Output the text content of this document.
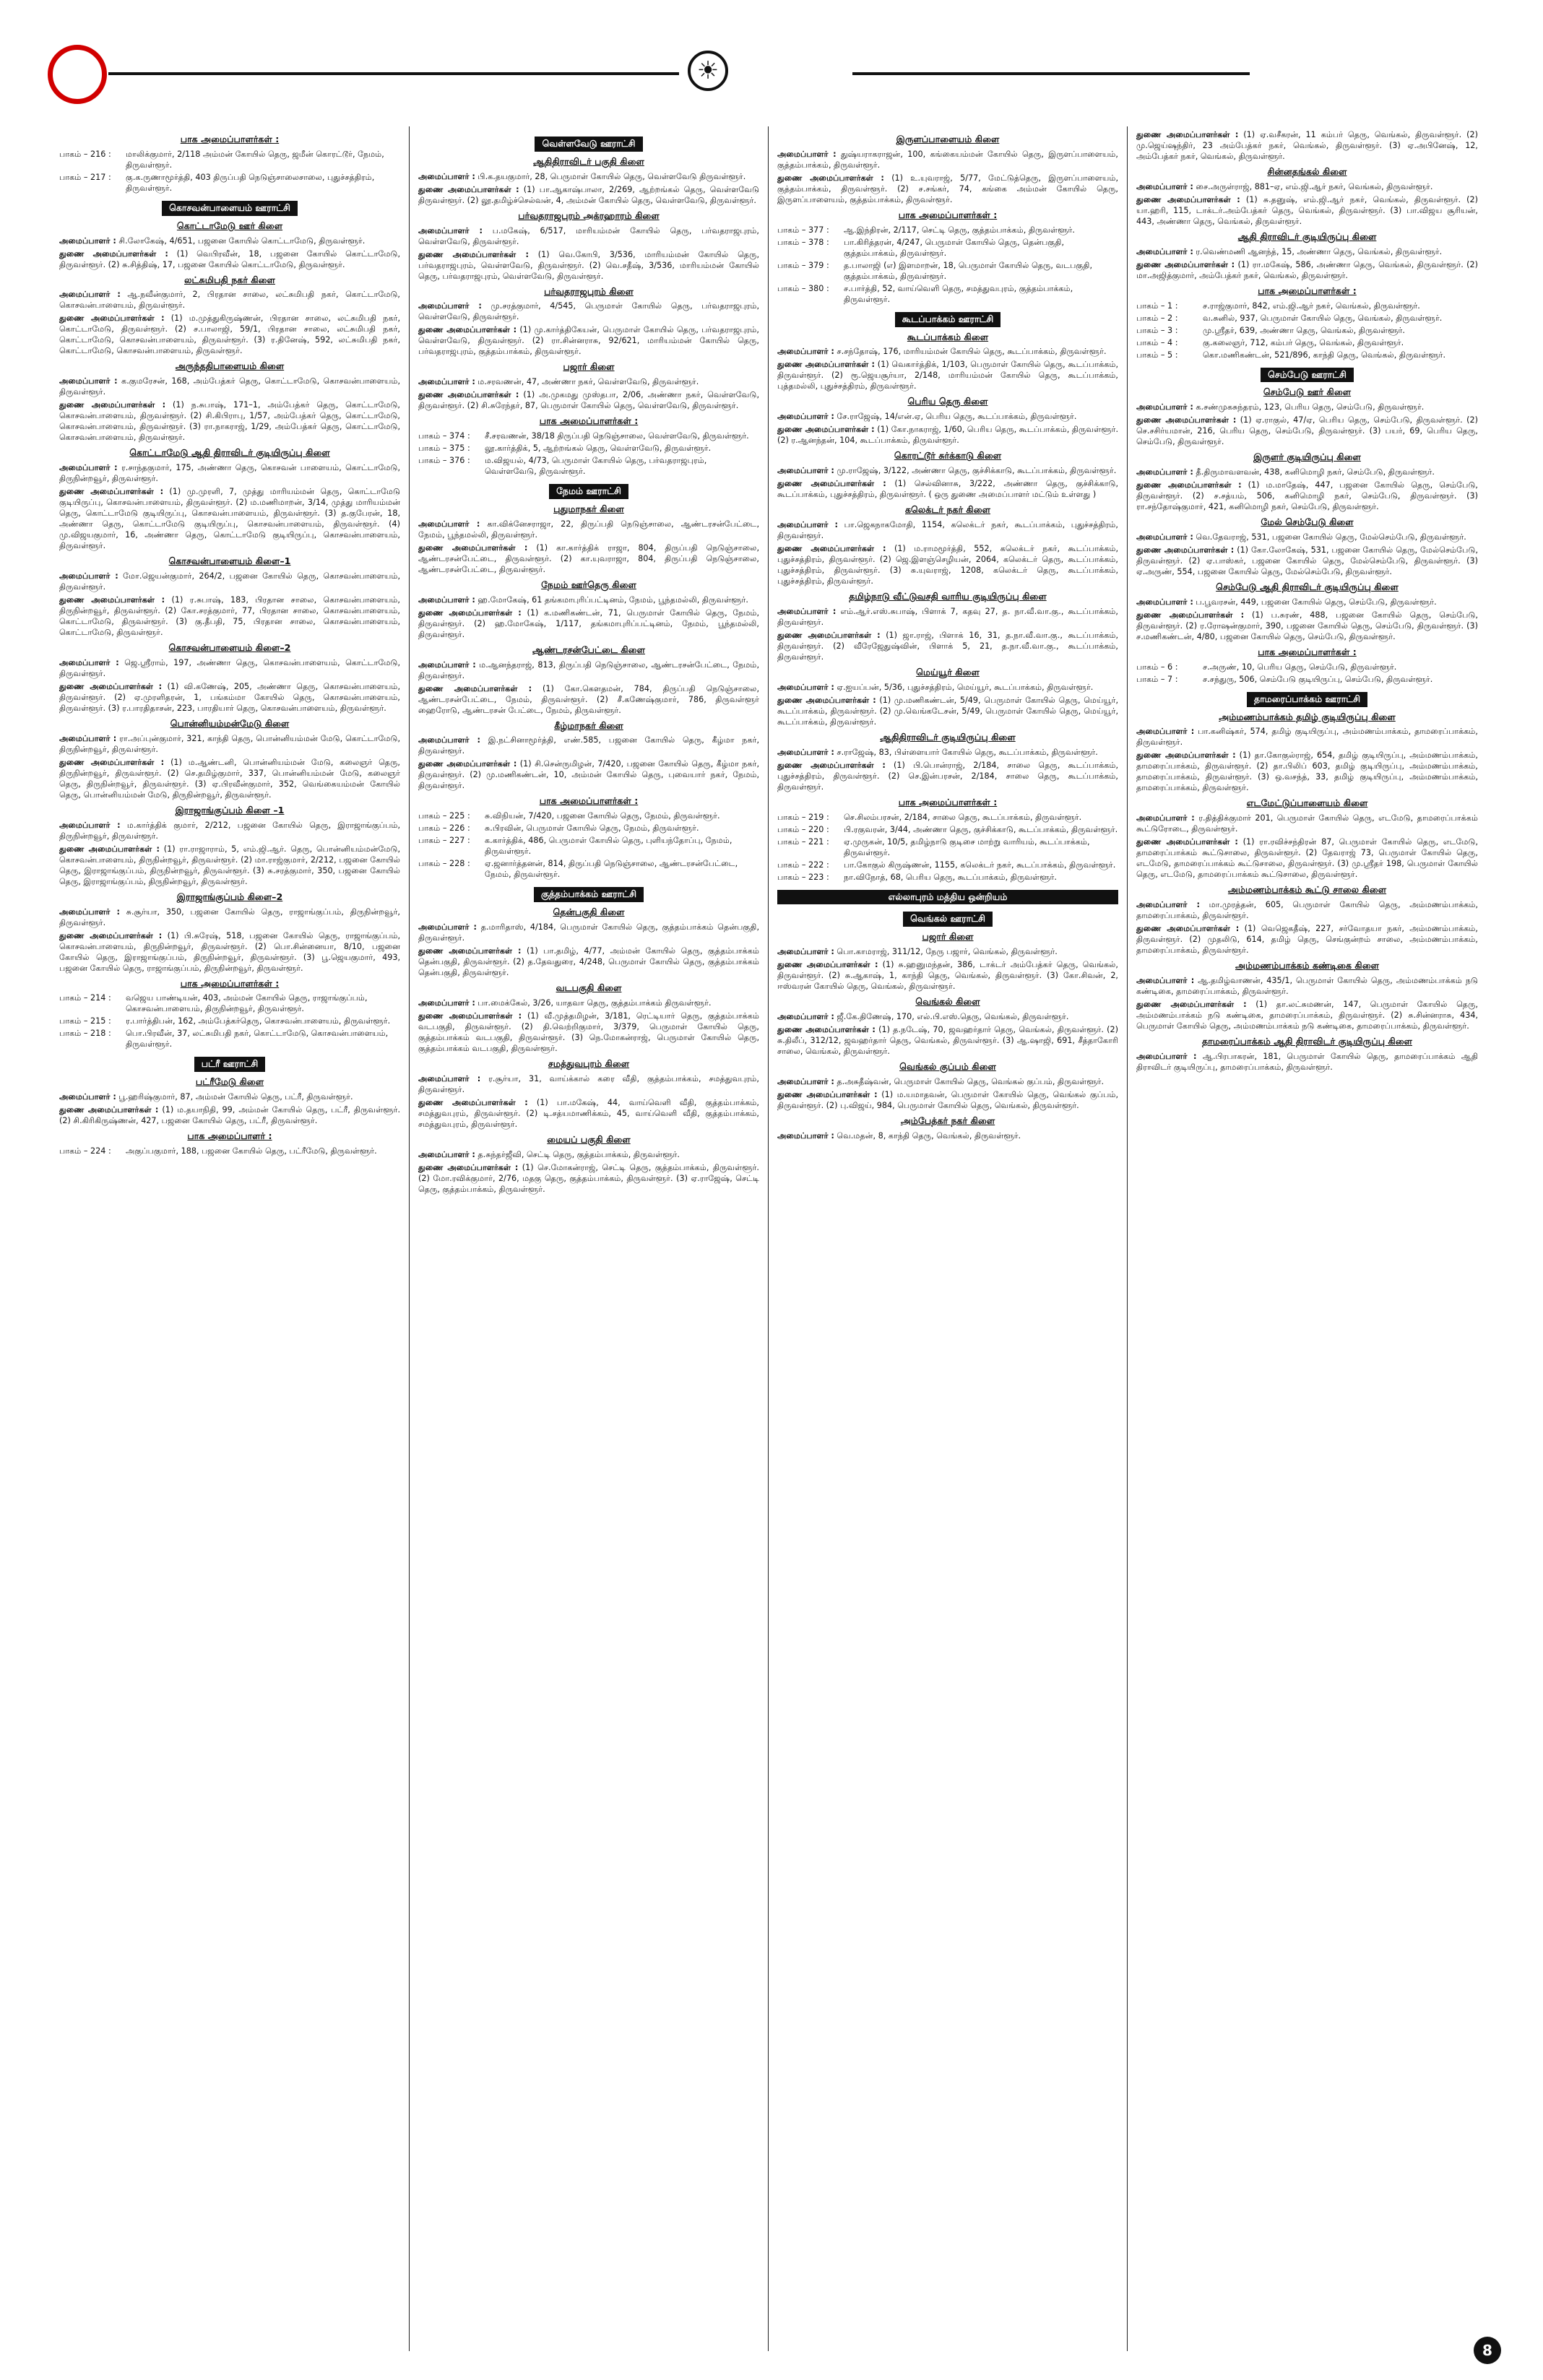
☀
பாக அமைப்பாளர்கள் :
பாகம் – 216 :	மாலிக்குமார், 2/118 அம்மன் கோயில் தெரு, ஜமீன் கொரட்டூர், நேமம், திருவள்ளூர்.
பாகம் – 217 :	கு.க.ருணாமூர்த்தி, 403 திருப்பதி நெடுஞ்சாலைசாலை, புதுச்சத்திரம், திருவள்ளூர்.
கொசவன்பாளையம் ஊராட்சி
கொட்டாமேடு ஊர் கிளை
அமைப்பாளர் : சி.லோகேஷ், 4/651, பஜனை கோயில் கொட்டாமேடு, திருவள்ளூர்.
துணை அமைப்பாளர்கள் : (1) வெபிரவீன், 18, பஜனை கோயில் கொட்டாமேடு, திருவள்ளூர். (2) சு.சித்திஷ், 17, பஜனை கோயில் கொட்டாமேடு, திருவள்ளூர்.
லட்சுமிபதி நகர் கிளை
அமைப்பாளர் : ஆ.நவீன்குமார், 2, பிரதான சாலை, லட்சுமிபதி நகர், கொட்டாமேடு, கொசவன்பாளையம், திருவள்ளூர்.
துணை அமைப்பாளர்கள் : (1) ம.முத்துகிருஷ்ணன், பிரதான சாலை, லட்சுமிபதி நகர், கொட்டாமேடு, திருவள்ளூர். (2) ச.பாலாஜி, 59/1, பிரதான சாலை, லட்சுமிபதி நகர், கொட்டாமேடு, கொசவன்பாளையம், திருவள்ளூர். (3) ர.தினேஷ், 592, லட்சுமிபதி நகர், கொட்டாமேடு, கொசவன்பாளையம், திருவள்ளூர்.
அருந்ததிபாளையம் கிளை
அமைப்பாளர் : க.குமரேசன், 168, அம்பேத்கர் தெரு, கொட்டாமேடு, கொசவன்பாளையம், திருவள்ளூர்.
துணை அமைப்பாளர்கள் : (1) ந.சுபாஷ், 171–1, அம்பேத்கர் தெரு, கொட்டாமேடு, கொசவன்பாளையம், திருவள்ளூர். (2) சி.கிபிராபு, 1/57, அம்பேத்கர் தெரு, கொட்டாமேடு, கொசவன்பாளையம், திருவள்ளூர். (3) ரா.நாகராஜ், 1/29, அம்பேத்கர் தெரு, கொட்டாமேடு, கொசவன்பாளையம், திருவள்ளூர்.
கொட்டாமேடு ஆதி திராவிடர் குடியிருப்பு கிளை
அமைப்பாளர் : ர.சாந்தகுமார், 175, அண்ணா தெரு, கொசவன் பாளையம், கொட்டாமேடு, திருநின்றவூர், திருவள்ளூர்.
துணை அமைப்பாளர்கள் : (1) மு.முரளி, 7, முத்து மாரியம்மன் தெரு, கொட்டாமேடு குடியிருப்பு, கொசவன்பாளையம், திருவள்ளூர். (2) ம.மணிமாறன், 3/14, முத்து மாரியம்மன் தெரு, கொட்டாமேடு குடியிருப்பு, கொசவன்பாளையம், திருவள்ளூர். (3) த.குபேரன், 18, அண்ணா தெரு, கொட்டாமேடு குடியிருப்பு, கொசவன்பாளையம், திருவள்ளூர். (4) மு.விஜயகுமார், 16, அண்ணா தெரு, கொட்டாமேடு குடியிருப்பு, கொசவன்பாளையம், திருவள்ளூர்.
கொசவன்பாளையம் கிளை–1
அமைப்பாளர் : மோ.ஜெயன்குமார், 264/2, பஜனை கோயில் தெரு, கொசவன்பாளையம், திருவள்ளூர்.
துணை அமைப்பாளர்கள் : (1) ர.சுபாஷ், 183, பிரதான சாலை, கொசவன்பாளையம், திருநின்றவூர், திருவள்ளூர். (2) கோ.சரத்குமார், 77, பிரதான சாலை, கொசவன்பாளையம், கொட்டாமேடு, திருவள்ளூர். (3) கு.தீபதி, 75, பிரதான சாலை, கொசவன்பாளையம், கொட்டாமேடு, திருவள்ளூர்.
கொசவன்பாளையம் கிளை–2
அமைப்பாளர் : ஜெ.ஸ்ரீராம், 197, அண்ணா தெரு, கொசவன்பாளையம், கொட்டாமேடு, திருவள்ளூர்.
துணை அமைப்பாளர்கள் : (1) வி.கணேஷ், 205, அண்ணா தெரு, கொசவன்பாளையம், திருவள்ளூர். (2) ஏ.முரளிதரன், 1, பங்கம்மா கோயில் தெரு, கொசவன்பாளையம், திருவள்ளூர். (3) ர.பாரதிதாசன், 223, பாரதியார் தெரு, கொசவன்பாளையம், திருவள்ளூர்.
பொன்னியம்மன்மேடு கிளை
அமைப்பாளர் : ரா.அப்புன்குமார், 321, காந்தி தெரு, பொன்னியம்மன் மேடு, கொட்டாமேடு, திருநின்றவூர், திருவள்ளூர்.
துணை அமைப்பாளர்கள் : (1) ம.ஆண்டனி, பொன்னியம்மன் மேடு, கலைஞர் தெரு, திருநின்றவூர், திருவள்ளூர். (2) செ.தமிழ்குமார், 337, பொன்னியம்மன் மேடு, கலைஞர் தெரு, திருநின்றவூர், திருவள்ளூர். (3) ஏ.பிரவீன்குமார், 352, வெங்கையம்மன் கோயில் தெரு, பொன்னியம்மன் மேடு, திருநின்றவூர், திருவள்ளூர்.
இராஜாங்குப்பம் கிளை –1
அமைப்பாளர் : ம.கார்த்திக் குமார், 2/212, பஜனை கோயில் தெரு, இராஜாங்குப்பம், திருநின்றவூர், திருவள்ளூர்.
துணை அமைப்பாளர்கள் : (1) ரா.ராஜாராம், 5, எம்.ஜி.ஆர். தெரு, பொன்னியம்மன்மேடு, கொசவன்பாளையம், திருநின்றவூர், திருவள்ளூர். (2) மா.ராஜ்குமார், 2/212, பஜனை கோயில் தெரு, இராஜாங்குப்பம், திருநின்றவூர், திருவள்ளூர். (3) சு.சரத்குமார், 350, பஜனை கோயில் தெரு, இராஜாங்குப்பம், திருநின்றவூர், திருவள்ளூர்.
இராஜாங்குப்பம் கிளை–2
அமைப்பாளர் : சு.சூர்யா, 350, பஜனை கோயில் தெரு, ராஜாங்குப்பம், திருநின்றவூர், திருவள்ளூர்.
துணை அமைப்பாளர்கள் : (1) பி.சுரேஷ், 518, பஜனை கோயில் தெரு, ராஜாங்குப்பம், கொசவன்பாளையம், திருநின்றவூர், திருவள்ளூர். (2) பொ.சின்னையா, 8/10, பஜனை கோயில் தெரு, இராஜாங்குப்பம், திருநின்றவூர், திருவள்ளூர். (3) பூ.ஜெயகுமார், 493, பஜனை கோயில் தெரு, ராஜாங்குப்பம், திருநின்றவூர், திருவள்ளூர்.
பாக அமைப்பாளர்கள் :
பாகம் – 214 :	வஜெய பாண்டியன், 403, அம்மன் கோயில் தெரு, ராஜாங்குப்பம், கொசவன்பாளையம், திருநின்றவூர், திருவள்ளூர்.
பாகம் – 215 :	ர.பார்த்திபன், 162, அம்பேத்கர்தெரு, கொசவன்பாளையம், திருவள்ளூர்.
பாகம் – 218 :	பொ.பிரவீன், 37, லட்சுமிபதி நகர், கொட்டாமேடு, கொசவன்பாளையம், திருவள்ளூர்.
பட்ரீ ஊராட்சி
பட்ரீமேடு கிளை
அமைப்பாளர் : பூ.ஹரிஷ்குமார், 87, அம்மன் கோயில் தெரு, பட்ரீ, திருவள்ளூர்.
துணை அமைப்பாளர்கள் : (1) ம.தயாநிதி, 99, அம்மன் கோயில் தெரு, பட்ரீ, திருவள்ளூர். (2) சி.கிரிகிருஷ்ணன், 427, பஜனை கோயில் தெரு, பட்ரீ, திருவள்ளூர்.
பாக அமைப்பாளர் :
பாகம் – 224 :	அகுப்பகுமார், 188, பஜனை கோயில் தெரு, பட்ரீமேடு, திருவள்ளூர்.
வெள்ளவேடு ஊராட்சி
ஆதிதிராவிடர் பகுதி கிளை
அமைப்பாளர் : பி.க.தயகுமார், 28, பெருமாள் கோயில் தெரு, வெள்ளவேடு திருவள்ளூர்.
துணை அமைப்பாளர்கள் : (1) பா.ஆகாஷ்பாலா, 2/269, ஆற்றங்கல் தெரு, வெள்ளவேடு திருவள்ளூர். (2) லூ.தமிழ்ச்செல்வன், 4, அம்மன் கோயில் தெரு, வெள்ளவேடு, திருவள்ளூர்.
பர்வதராஜபுரம் அக்ரஹாரம் கிளை
அமைப்பாளர் : ப.மகேஷ், 6/517, மாரியம்மன் கோயில் தெரு, பர்வதராஜபுரம், வெள்ளவேடு, திருவள்ளூர்.
துணை அமைப்பாளர்கள் : (1) வெ.கோபி, 3/536, மாரியம்மன் கோயில் தெரு, பர்வதராஜபுரம், வெள்ளவேடு, திருவள்ளூர். (2) வெ.சதீஷ், 3/536, மாரியம்மன் கோயில் தெரு, பர்வதராஜபுரம், வெள்ளவேடு, திருவள்ளூர்.
பர்வதராஜபுரம் கிளை
அமைப்பாளர் : மு.சரத்குமார், 4/545, பெருமாள் கோயில் தெரு, பர்வதராஜபுரம், வெள்ளவேடு, திருவள்ளூர்.
துணை அமைப்பாளர்கள் : (1) மு.கார்த்திகேயன், பெருமாள் கோயில் தெரு, பர்வதராஜபுரம், வெள்ளவேடு, திருவள்ளூர். (2) ரா.சின்னராசு, 92/621, மாரியம்மன் கோயில் தெரு, பர்வதராஜபுரம், குத்தம்பாக்கம், திருவள்ளூர்.
பஜார் கிளை
அமைப்பாளர் : ம.சரவணன், 47, அண்ணா நகர், வெள்ளவேடு, திருவள்ளூர்.
துணை அமைப்பாளர்கள் : (1) அ.முகமது முஸ்தபா, 2/06, அண்ணா நகர், வெள்ளவேடு, திருவள்ளூர். (2) சி.சுரேந்தர், 87, பெருமாள் கோயில் தெரு, வெள்ளவேடு, திருவள்ளூர்.
பாக அமைப்பாளர்கள் :
பாகம் – 374 :	சீ.சரவணன், 38/18 திருப்பதி நெடுஞ்சாலை, வெள்ளவேடு, திருவள்ளூர்.
பாகம் – 375 :	லூ.கார்த்திக், 5, ஆற்றங்கல் தெரு, வெள்ளவேடு, திருவள்ளூர்.
பாகம் – 376 :	ம.விஜயல், 4/73, பெருமாள் கோயில் தெரு, பர்வதராஜபுரம், வெள்ளவேடு, திருவள்ளூர்.
நேமம் ஊராட்சி
புதுமாநகர் கிளை
அமைப்பாளர் : கா.விக்னேசராஜா, 22, திருப்பதி நெடுஞ்சாலை, ஆண்டரசன்பேட்டை, நேமம், பூந்தமல்லி, திருவள்ளூர்.
துணை அமைப்பாளர்கள் : (1) கா.கார்த்திக் ராஜா, 804, திருப்பதி நெடுஞ்சாலை, ஆண்டரசன்பேட்டை, திருவள்ளூர். (2) கா.யுவராஜா, 804, திருப்பதி நெடுஞ்சாலை, ஆண்டரசன்பேட்டை, திருவள்ளூர்.
நேமம் ஊர்தெரு கிளை
அமைப்பாளர் : ஹ.மோகேஷ், 61 தங்கமாபுரிப்பட்டினம், நேமம், பூந்தமல்லி, திருவள்ளூர்.
துணை அமைப்பாளர்கள் : (1) க.மணிகண்டன், 71, பெருமாள் கோயில் தெரு, நேமம், திருவள்ளூர். (2) ஹ.மோகேஷ், 1/117, தங்கமாபுரிப்பட்டினம், நேமம், பூந்தமல்லி, திருவள்ளூர்.
ஆண்டரசன்பேட்டை கிளை
அமைப்பாளர் : ம.ஆனந்தராஜ், 813, திருப்பதி நெடுஞ்சாலை, ஆண்டரசன்பேட்டை, நேமம், திருவள்ளூர்.
துணை அமைப்பாளர்கள் : (1) கோ.கௌதமன், 784, திருப்பதி நெடுஞ்சாலை, ஆண்டரசன்பேட்டை, நேமம், திருவள்ளூர். (2) சீ.கணேஷ்குமார், 786, திருவள்ளூர் ஹைரோடு, ஆண்டரசன் பேட்டை, நேமம், திருவள்ளூர்.
கீழ்மாநகர் கிளை
அமைப்பாளர் : இ.நட்சினாமூர்த்தி, எண்.585, பஜனை கோயில் தெரு, கீழ்மா நகர், திருவள்ளூர்.
துணை அமைப்பாளர்கள் : (1) சி.சென்ருமிழன், 7/420, பஜனை கோயில் தெரு, கீழ்மா நகர், திருவள்ளூர். (2) மு.மணிகண்டன், 10, அம்மன் கோயில் தெரு, புவையார் நகர், நேமம், திருவள்ளூர்.
பாக அமைப்பாளர்கள் :
பாகம் – 225 :	சு.விநியன், 7/420, பஜனை கோயில் தெரு, நேமம், திருவள்ளூர்.
பாகம் – 226 :	சு.பிரவின், பெருமாள் கோயில் தெரு, நேமம், திருவள்ளூர்.
பாகம் – 227 :	க.கார்த்திக், 486, பெருமாள் கோயில் தெரு, புளியந்தோப்பு, நேமம், திருவள்ளூர்.
பாகம் – 228 :	ஏ.ஜனார்த்தனன், 814, திருப்பதி நெடுஞ்சாலை, ஆண்டரசன்பேட்டை, நேமம், திருவள்ளூர்.
குத்தம்பாக்கம் ஊராட்சி
தென்பகுதி கிளை
அமைப்பாளர் : த.மாரிதாஸ், 4/184, பெருமாள் கோயில் தெரு, குத்தம்பாக்கம் தென்பகுதி, திருவள்ளூர்.
துணை அமைப்பாளர்கள் : (1) பா.தமிழ், 4/77, அம்மன் கோயில் தெரு, குத்தம்பாக்கம் தென்பகுதி, திருவள்ளூர். (2) த.தேவதுரை, 4/248, பெருமாள் கோயில் தெரு, குத்தம்பாக்கம் தென்பகுதி, திருவள்ளூர்.
வடபகுதி கிளை
அமைப்பாளர் : பா.மைக்கேல், 3/26, யாதவா தெரு, குத்தம்பாக்கம் திருவள்ளூர்.
துணை அமைப்பாளர்கள் : (1) வீ.முத்தமிழன், 3/181, ரெட்டியார் தெரு, குத்தம்பாக்கம் வடபகுதி, திருவள்ளூர். (2) தி.வெற்றிகுமார், 3/379, பெருமாள் கோயில் தெரு, குத்தம்பாக்கம் வடபகுதி, திருவள்ளூர். (3) நெ.மோகன்ராஜ், பெருமாள் கோயில் தெரு, குத்தம்பாக்கம் வடபகுதி, திருவள்ளூர்.
சமத்துவபுரம் கிளை
அமைப்பாளர் : ர.சூர்யா, 31, வாய்க்கால் கரை வீதி, குத்தம்பாக்கம், சமத்துவபுரம், திருவள்ளூர்.
துணை அமைப்பாளர்கள் : (1) பா.மகேஷ், 44, வாய்வெளி வீதி, குத்தம்பாக்கம், சமத்துவபுரம், திருவள்ளூர். (2) டி.சத்யமாணிக்கம், 45, வாய்வெளி வீதி, குத்தம்பாக்கம், சமத்துவபுரம், திருவள்ளூர்.
மையப் பகுதி கிளை
அமைப்பாளர் : த.சுந்தர்ஜீவி, செட்டி தெரு, குத்தம்பாக்கம், திருவள்ளூர்.
துணை அமைப்பாளர்கள் : (1) செ.மோகன்ராஜ், செட்டி தெரு, குத்தம்பாக்கம், திருவள்ளூர். (2) மோ.ரவிக்குமார், 2/76, மதகு தெரு, குத்தம்பாக்கம், திருவள்ளூர். (3) ஏ.ராஜேஷ், செட்டி தெரு, குத்தம்பாக்கம், திருவள்ளூர்.
இருளப்பாளையம் கிளை
அமைப்பாளர் : துஷ்யராகராஜன், 100, கங்கையம்மன் கோயில் தெரு, இருளப்பாளையம், குத்தம்பாக்கம், திருவள்ளூர்.
துணை அமைப்பாளர்கள் : (1) உ.யுவராஜ், 5/77, மேட்டுத்தெரு, இருளப்பாளையம், குத்தம்பாக்கம், திருவள்ளூர். (2) ச.சங்கர், 74, கங்கை அம்மன் கோயில் தெரு, இருளப்பாளையம், குத்தம்பாக்கம், திருவள்ளூர்.
பாக அமைப்பாளர்கள் :
பாகம் – 377 :	ஆ.இந்திரன், 2/117, செட்டி தெரு, குத்தம்பாக்கம், திருவள்ளூர்.
பாகம் – 378 :	பா.கிரித்தரன், 4/247, பெருமாள் கோயில் தெரு, தென்பகுதி, குத்தம்பாக்கம், திருவள்ளூர்.
பாகம் – 379 :	த.பாலாஜி (எ) இளமாறன், 18, பெருமாள் கோயில் தெரு, வடபகுதி, குத்தம்பாக்கம், திருவள்ளூர்.
பாகம் – 380 :	ச.பார்த்தி, 52, வாய்வெளி தெரு, சமத்துவபுரம், குத்தம்பாக்கம், திருவள்ளூர்.
கூடப்பாக்கம் ஊராட்சி
கூடப்பாக்கம் கிளை
அமைப்பாளர் : ச.சந்தோஷ், 176, மாரியம்மன் கோயில் தெரு, கூடப்பாக்கம், திருவள்ளூர்.
துணை அமைப்பாளர்கள் : (1) வெகார்த்திக், 1/103, பெருமாள் கோயில் தெரு, கூடப்பாக்கம், திருவள்ளூர். (2) ரூ.ஜெயசூர்யா, 2/148, மாரியம்மன் கோயில் தெரு, கூடப்பாக்கம், புத்தமல்லி, புதுச்சத்திரம், திருவள்ளூர்.
பெரிய தெரு கிளை
அமைப்பாளர் : சே.ராஜேஷ், 14/என்.ஏ, பெரிய தெரு, கூடப்பாக்கம், திருவள்ளூர்.
துணை அமைப்பாளர்கள் : (1) கோ.நாகராஜ், 1/60, பெரிய தெரு, கூடப்பாக்கம், திருவள்ளூர். (2) ர.ஆனந்தன், 104, கூடப்பாக்கம், திருவள்ளூர்.
கொரட்டூர் சுர்க்காடு கிளை
அமைப்பாளர் : மு.ராஜேஷ், 3/122, அண்ணா தெரு, குச்சிக்காடு, கூடப்பாக்கம், திருவள்ளூர்.
துணை அமைப்பாளர்கள் : (1) செல்வினாசு, 3/222, அண்ணா தெரு, குச்சிக்காடு, கூடப்பாக்கம், புதுச்சத்திரம், திருவள்ளூர். ( ஒரு துணை அமைப்பாளர் மட்டும் உள்ளது )
கலெக்டர் நகர் கிளை
அமைப்பாளர் : பா.ஜெகநாகமோதி, 1154, கலெக்டர் நகர், கூடப்பாக்கம், புதுச்சத்திரம், திருவள்ளூர்.
துணை அமைப்பாளர்கள் : (1) ம.ராமமூர்த்தி, 552, கலெக்டர் நகர், கூடப்பாக்கம், புதுச்சத்திரம், திருவள்ளூர். (2) ஜெ.இளஞ்செழியன், 2064, கலெக்டர் தெரு, கூடப்பாக்கம், புதுச்சத்திரம், திருவள்ளூர். (3) சு.யுவராஜ், 1208, கலெக்டர் தெரு, கூடப்பாக்கம், புதுச்சத்திரம், திருவள்ளூர்.
தமிழ்நாடு வீட்டுவசதி வாரிய குடியிருப்பு கிளை
அமைப்பாளர் : எம்.ஆர்.எஸ்.சுபாஷ், பிளாக் 7, கதவு 27, த. நா.வீ.வா.கு., கூடப்பாக்கம், திருவள்ளூர்.
துணை அமைப்பாளர்கள் : (1) ஜா.ராஜ், பிளாக் 16, 31, த.நா.வீ.வா.கு., கூடப்பாக்கம், திருவள்ளூர். (2) வீரேஜேதுஷ்வின், பிளாக் 5, 21, த.நா.வீ.வா.கு., கூடப்பாக்கம், திருவள்ளூர்.
மெய்யூர் கிளை
அமைப்பாளர் : ஏ.ஐயப்பன், 5/36, புதுச்சத்திரம், மெய்யூர், கூடப்பாக்கம், திருவள்ளூர்.
துணை அமைப்பாளர்கள் : (1) மு.மணிகண்டன், 5/49, பெருமாள் கோயில் தெரு, மெய்யூர், கூடப்பாக்கம், திருவள்ளூர். (2) மு.வெங்கடேசன், 5/49, பெருமாள் கோயில் தெரு, மெய்யூர், கூடப்பாக்கம், திருவள்ளூர்.
ஆதிதிராவிடர் குடியிருப்பு கிளை
அமைப்பாளர் : ச.ராஜேஷ், 83, பிள்ளையார் கோயில் தெரு, கூடப்பாக்கம், திருவள்ளூர்.
துணை அமைப்பாளர்கள் : (1) பி.பொன்ராஜ், 2/184, சாலை தெரு, கூடப்பாக்கம், புதுச்சத்திரம், திருவள்ளூர். (2) செ.இன்பரசன், 2/184, சாலை தெரு, கூடப்பாக்கம், திருவள்ளூர்.
பாக அமைப்பாளர்கள் :
பாகம் – 219 :	செ.சிலம்பரசன், 2/184, சாலை தெரு, கூடப்பாக்கம், திருவள்ளூர்.
பாகம் – 220 :	பி.ரகுவரன், 3/44, அண்ணா தெரு, குச்சிக்காடு, கூடப்பாக்கம், திருவள்ளூர்.
பாகம் – 221 :	ஏ.முருகன், 10/5, தமிழ்நாடு குடிசை மாற்று வாரியம், கூடப்பாக்கம், திருவள்ளூர்.
பாகம் – 222 :	பா.கோகுல் கிருஷ்ணன், 1155, கலெக்டர் நகர், கூடப்பாக்கம், திருவள்ளூர்.
பாகம் – 223 :	நா.விநோத், 68, பெரிய தெரு, கூடப்பாக்கம், திருவள்ளூர்.
எல்லாபுரம் மத்திய ஒன்றியம்
வெங்கல் ஊராட்சி
பஜார் கிளை
அமைப்பாளர் : பொ.காமராஜ், 311/12, நேரு பஜார், வெங்கல், திருவள்ளூர்.
துணை அமைப்பாளர்கள் : (1) சு.ஹனுமந்தன், 386, டாக்டர் அம்பேத்கர் தெரு, வெங்கல், திருவள்ளூர். (2) சு.ஆகாஷ், 1, காந்தி தெரு, வெங்கல், திருவள்ளூர். (3) கோ.சிவன், 2, ஈஸ்வரன் கோயில் தெரு, வெங்கல், திருவள்ளூர்.
வெங்கல் கிளை
அமைப்பாளர் : ஜீ.கே.திணேஷ், 170, எல்.பி.எஸ்.தெரு, வெங்கல், திருவள்ளூர்.
துணை அமைப்பாளர்கள் : (1) த.நடேஷ், 70, ஜவஹர்தார் தெரு, வெங்கல், திருவள்ளூர். (2) சு.திலீப், 312/12, ஜவஹர்தார் தெரு, வெங்கல், திருவள்ளூர். (3) ஆ.ஷாஜி, 691, சீத்தாகோரி சாலை, வெங்கல், திருவள்ளூர்.
வெங்கல் குப்பம் கிளை
அமைப்பாளர் : த.அசுதீஷ்வன், பெருமாள் கோயில் தெரு, வெங்கல் குப்பம், திருவள்ளூர்.
துணை அமைப்பாளர்கள் : (1) ம.யமாதவன், பெருமாள் கோயில் தெரு, வெங்கல் குப்பம், திருவள்ளூர். (2) பு.விஜய், 984, பெருமாள் கோயில் தெரு, வெங்கல், திருவள்ளூர்.
அம்பேத்கர் நகர் கிளை
அமைப்பாளர் : வெ.மதன், 8, காந்தி தெரு, வெங்கல், திருவள்ளூர்.
துணை அமைப்பாளர்கள் : (1) ஏ.வசீகரன், 11 கம்பர் தெரு, வெங்கல், திருவள்ளூர். (2) மு.ஜெய்ஷந்திர், 23 அம்பேத்கர் நகர், வெங்கல், திருவள்ளூர். (3) ஏ.அபினேஷ், 12, அம்பேத்கர் நகர், வெங்கல், திருவள்ளூர்.
சின்னதங்கல் கிளை
அமைப்பாளர் : சை.அருள்ராஜ், 881–ஏ, எம்.ஜி.ஆர் நகர், வெங்கல், திருவள்ளூர்.
துணை அமைப்பாளர்கள் : (1) சு.தனுஷ், எம்.ஜி.ஆர் நகர், வெங்கல், திருவள்ளூர். (2) யா.ஹரி, 115, டாக்டர்.அம்பேத்கர் தெரு, வெங்கல், திருவள்ளூர். (3) பா.விஜய சூரியன், 443, அண்ணா தெரு, வெங்கல், திருவள்ளூர்.
ஆதி திராவிடர் குடியிருப்பு கிளை
அமைப்பாளர் : ர.வெண்மணி ஆனந்த், 15, அண்ணா தெரு, வெங்கல், திருவள்ளூர்.
துணை அமைப்பாளர்கள் : (1) ரா.மகேஷ், 586, அண்ணா தெரு, வெங்கல், திருவள்ளூர். (2) மா.அஜித்குமார், அம்பேத்கர் நகர், வெங்கல், திருவள்ளூர்.
பாக அமைப்பாளர்கள் :
பாகம் – 1 :	ச.ராஜ்குமார், 842, எம்.ஜி.ஆர் நகர், வெங்கல், திருவள்ளூர்.
பாகம் – 2 :	வ.சுனில், 937, பெருமாள் கோயில் தெரு, வெங்கல், திருவள்ளூர்.
பாகம் – 3 :	மு.ஸ்ரீதர், 639, அண்ணா தெரு, வெங்கல், திருவள்ளூர்.
பாகம் – 4 :	கு.கலைஞர், 712, கம்பர் தெரு, வெங்கல், திருவள்ளூர்.
பாகம் – 5 :	கொ.மணிகண்டன், 521/896, காந்தி தெரு, வெங்கல், திருவள்ளூர்.
செம்பேடு ஊராட்சி
செம்பேடு ஊர் கிளை
அமைப்பாளர் : க.சண்முகசுந்தரம், 123, பெரிய தெரு, செம்பேடு, திருவள்ளூர்.
துணை அமைப்பாளர்கள் : (1) ஏ.ராகுல், 47/ஏ, பெரிய தெரு, செம்பேடு, திருவள்ளூர். (2) செ.சசிர்யமான், 216, பெரிய தெரு, செம்பேடு, திருவள்ளூர். (3) பயர், 69, பெரிய தெரு, செம்பேடு, திருவள்ளூர்.
இருளர் குடியிருப்பு கிளை
அமைப்பாளர் : தீ.திருமாவளவன், 438, கனிமொழி நகர், செம்பேடு, திருவள்ளூர்.
துணை அமைப்பாளர்கள் : (1) ம.மாதேஷ், 447, பஜனை கோயில் தெரு, செம்பேடு, திருவள்ளூர். (2) ச.சத்யம், 506, கனிமொழி நகர், செம்பேடு, திருவள்ளூர். (3) ரா.சந்தோஷ்குமார், 421, கனிமொழி நகர், செம்பேடு, திருவள்ளூர்.
மேல் செம்பேடு கிளை
அமைப்பாளர் : வெ.தேவராஜ், 531, பஜனை கோயில் தெரு, மேல்செம்பேடு, திருவள்ளூர்.
துணை அமைப்பாளர்கள் : (1) கோ.லோகேஷ், 531, பஜனை கோயில் தெரு, மேல்செம்பேடு, திருவள்ளூர். (2) ஏ.பாஸ்கர், பஜனை கோயில் தெரு, மேல்செம்பேடு, திருவள்ளூர். (3) ஏ.அருண், 554, பஜனை கோயில் தெரு, மேல்செம்பேடு, திருவள்ளூர்.
செம்பேடு ஆதி திராவிடர் குடியிருப்பு கிளை
அமைப்பாளர் : ப.பூவரசன், 449, பஜனை கோயில் தெரு, செம்பேடு, திருவள்ளூர்.
துணை அமைப்பாளர்கள் : (1) ப.சுரண், 488, பஜனை கோயில் தெரு, செம்பேடு, திருவள்ளூர். (2) ர.ரோஷன்குமார், 390, பஜனை கோயில் தெரு, செம்பேடு, திருவள்ளூர். (3) ச.மணிகண்டன், 4/80, பஜனை கோயில் தெரு, செம்பேடு, திருவள்ளூர்.
பாக அமைப்பாளர்கள் :
பாகம் – 6 :	ச.அருண், 10, பெரிய தெரு, செம்பேடு, திருவள்ளூர்.
பாகம் – 7 :	ச.சந்துரு, 506, செம்பேடு குடியிருப்பு, செம்பேடு, திருவள்ளூர்.
தாமரைப்பாக்கம் ஊராட்சி
அம்மணம்பாக்கம் தமிழ் குடியிருப்பு கிளை
அமைப்பாளர் : பா.கனிஷ்கர், 574, தமிழ் குடியிருப்பு, அம்மணம்பாக்கம், தாமரைப்பாக்கம், திருவள்ளூர்.
துணை அமைப்பாளர்கள் : (1) தா.கோகுல்ராஜ், 654, தமிழ் குடியிருப்பு, அம்மணம்பாக்கம், தாமரைப்பாக்கம், திருவள்ளூர். (2) தா.பிலிப் 603, தமிழ் குடியிருப்பு, அம்மணம்பாக்கம், தாமரைப்பாக்கம், திருவள்ளூர். (3) ஒ.வசந்த், 33, தமிழ் குடியிருப்பு, அம்மணம்பாக்கம், தாமரைப்பாக்கம், திருவள்ளூர்.
எடமேட்டுப்பாளையம் கிளை
அமைப்பாளர் : ர.தித்திக்குமார் 201, பெருமாள் கோயில் தெரு, எடமேடு, தாமரைப்பாக்கம் கூட்டுரோடை, திருவள்ளூர்.
துணை அமைப்பாளர்கள் : (1) ரா.ரவிச்சந்திரன் 87, பெருமாள் கோயில் தெரு, எடமேடு, தாமரைப்பாக்கம் கூட்டுசாலை, திருவள்ளூர். (2) தேவராஜ் 73, பெருமாள் கோயில் தெரு, எடமேடு, தாமரைப்பாக்கம் கூட்டுசாலை, திருவள்ளூர். (3) மு.ஸ்ரீதர் 198, பெருமாள் கோயில் தெரு, எடமேடு, தாமரைப்பாக்கம் கூட்டுசாலை, திருவள்ளூர்.
அம்மணம்பாக்கம் கூட்டு சாலை கிளை
அமைப்பாளர் : மா.முரத்தன், 605, பெருமாள் கோயில் தெரு, அம்மணம்பாக்கம், தாமரைப்பாக்கம், திருவள்ளூர்.
துணை அமைப்பாளர்கள் : (1) வெஜெகதீஷ், 227, சர்வோதயா நகர், அம்மணம்பாக்கம், திருவள்ளூர். (2) முதலிடு, 614, தமிழ் தெரு, செங்குன்றம் சாலை, அம்மணம்பாக்கம், தாமரைப்பாக்கம், திருவள்ளூர்.
அம்மணம்பாக்கம் கண்டிகை கிளை
அமைப்பாளர் : ஆ.தமிழ்வாணன், 435/1, பெருமாள் கோயில் தெரு, அம்மணம்பாக்கம் நடு கண்டிகை, தாமரைப்பாக்கம், திருவள்ளூர்.
துணை அமைப்பாளர்கள் : (1) தா.லட்சுமணன், 147, பெருமாள் கோயில் தெரு, அம்மணம்பாக்கம் நடு கண்டிகை, தாமரைப்பாக்கம், திருவள்ளூர். (2) சு.சின்னராசு, 434, பெருமாள் கோயில் தெரு, அம்மணம்பாக்கம் நடு கண்டிகை, தாமரைப்பாக்கம், திருவள்ளூர்.
தாமரைப்பாக்கம் ஆதி திராவிடர் குடியிருப்பு கிளை
அமைப்பாளர் : ஆ.பிரபாகரன், 181, பெருமாள் கோயில் தெரு, தாமரைப்பாக்கம் ஆதி திராவிடர் குடியிருப்பு, தாமரைப்பாக்கம், திருவள்ளூர்.
8
